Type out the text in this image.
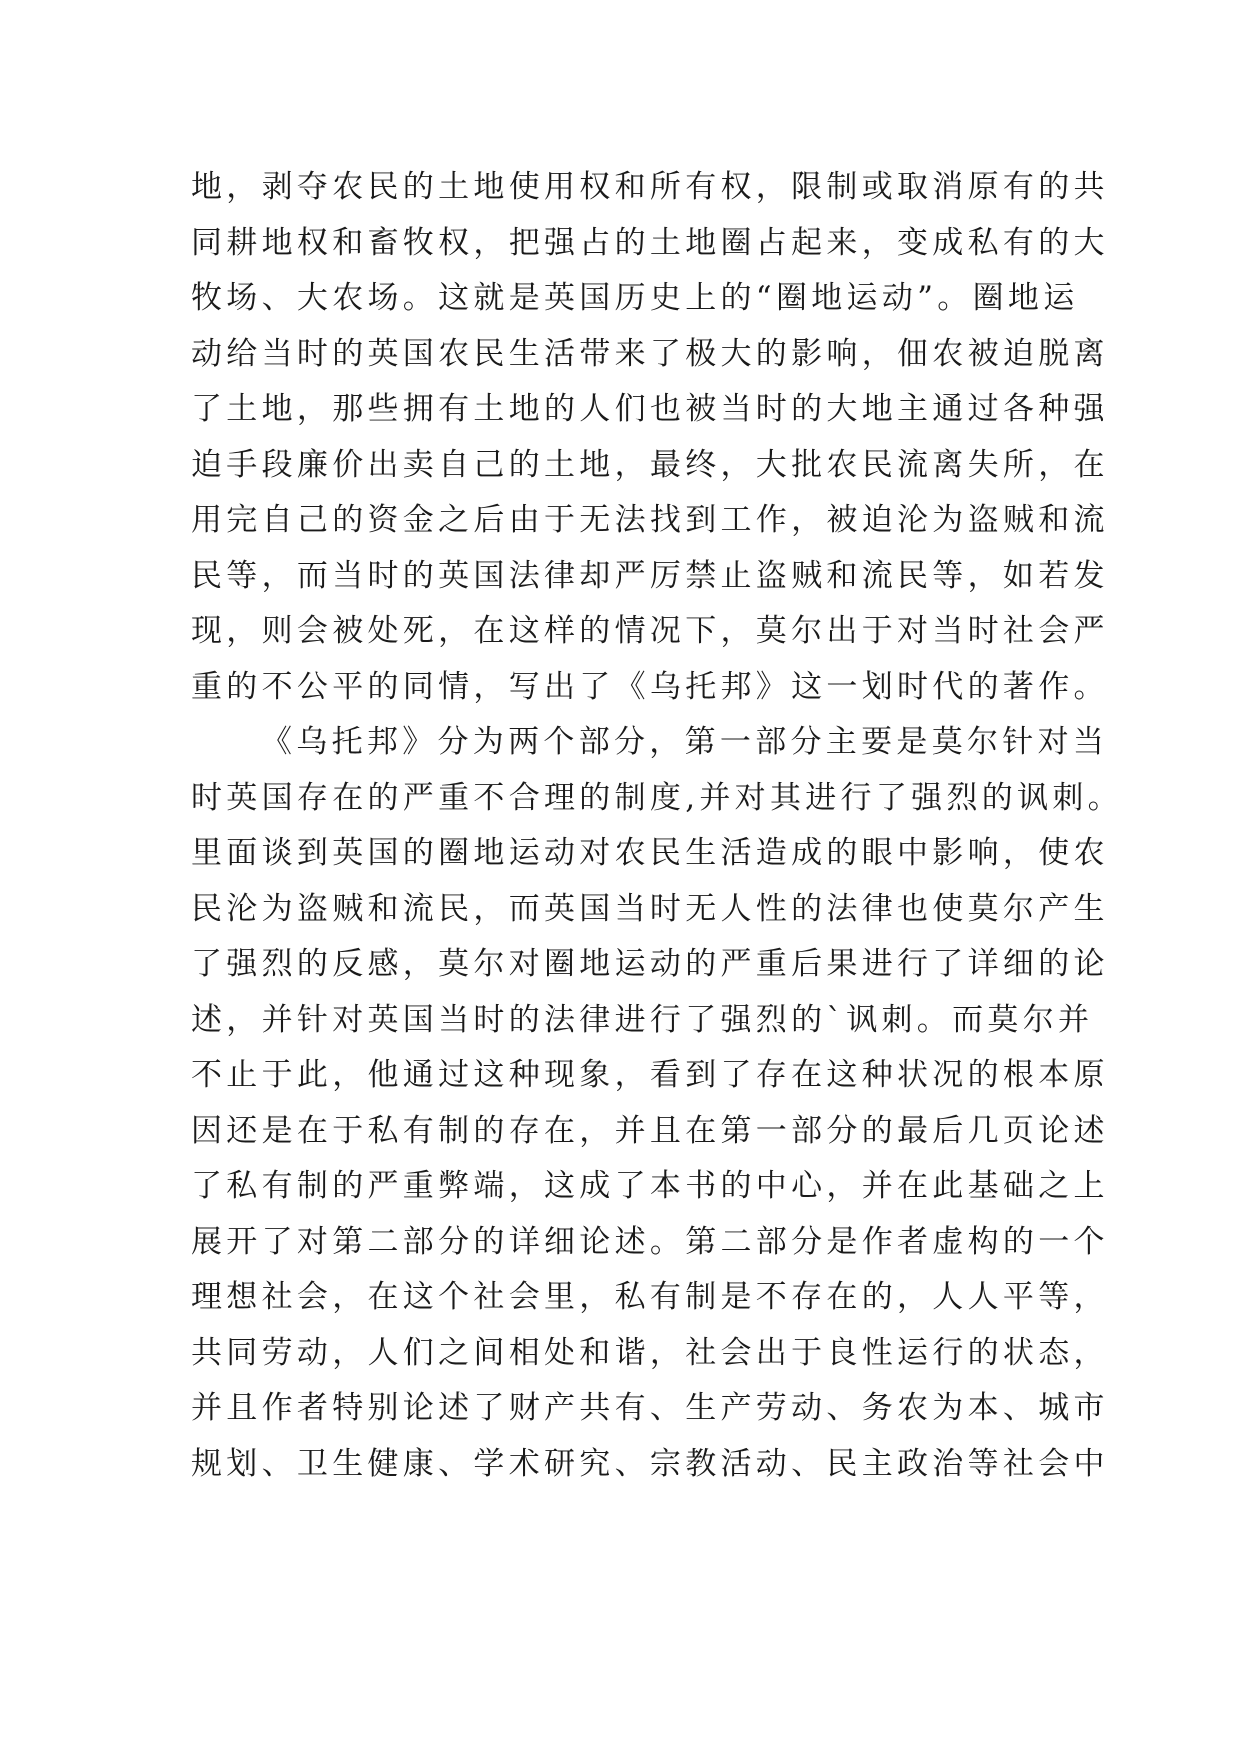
地，剥夺农民的土地使用权和所有权，限制或取消原有的共
同耕地权和畜牧权，把强占的土地圈占起来，变成私有的大
牧场、大农场。这就是英国历史上的“圈地运动”。圈地运
动给当时的英国农民生活带来了极大的影响，佃农被迫脱离
了土地，那些拥有土地的人们也被当时的大地主通过各种强
迫手段廉价出卖自己的土地，最终，大批农民流离失所，在
用完自己的资金之后由于无法找到工作，被迫沦为盗贼和流
民等，而当时的英国法律却严厉禁止盗贼和流民等，如若发
现，则会被处死，在这样的情况下，莫尔出于对当时社会严
重的不公平的同情，写出了《乌托邦》这一划时代的著作。
《乌托邦》分为两个部分，第一部分主要是莫尔针对当
时英国存在的严重不合理的制度,并对其进行了强烈的讽刺。
里面谈到英国的圈地运动对农民生活造成的眼中影响，使农
民沦为盗贼和流民，而英国当时无人性的法律也使莫尔产生
了强烈的反感，莫尔对圈地运动的严重后果进行了详细的论
述，并针对英国当时的法律进行了强烈的`讽刺。而莫尔并
不止于此，他通过这种现象，看到了存在这种状况的根本原
因还是在于私有制的存在，并且在第一部分的最后几页论述
了私有制的严重弊端，这成了本书的中心，并在此基础之上
展开了对第二部分的详细论述。第二部分是作者虚构的一个
理想社会，在这个社会里，私有制是不存在的，人人平等，
共同劳动，人们之间相处和谐，社会出于良性运行的状态，
并且作者特别论述了财产共有、生产劳动、务农为本、城市
规划、卫生健康、学术研究、宗教活动、民主政治等社会中
